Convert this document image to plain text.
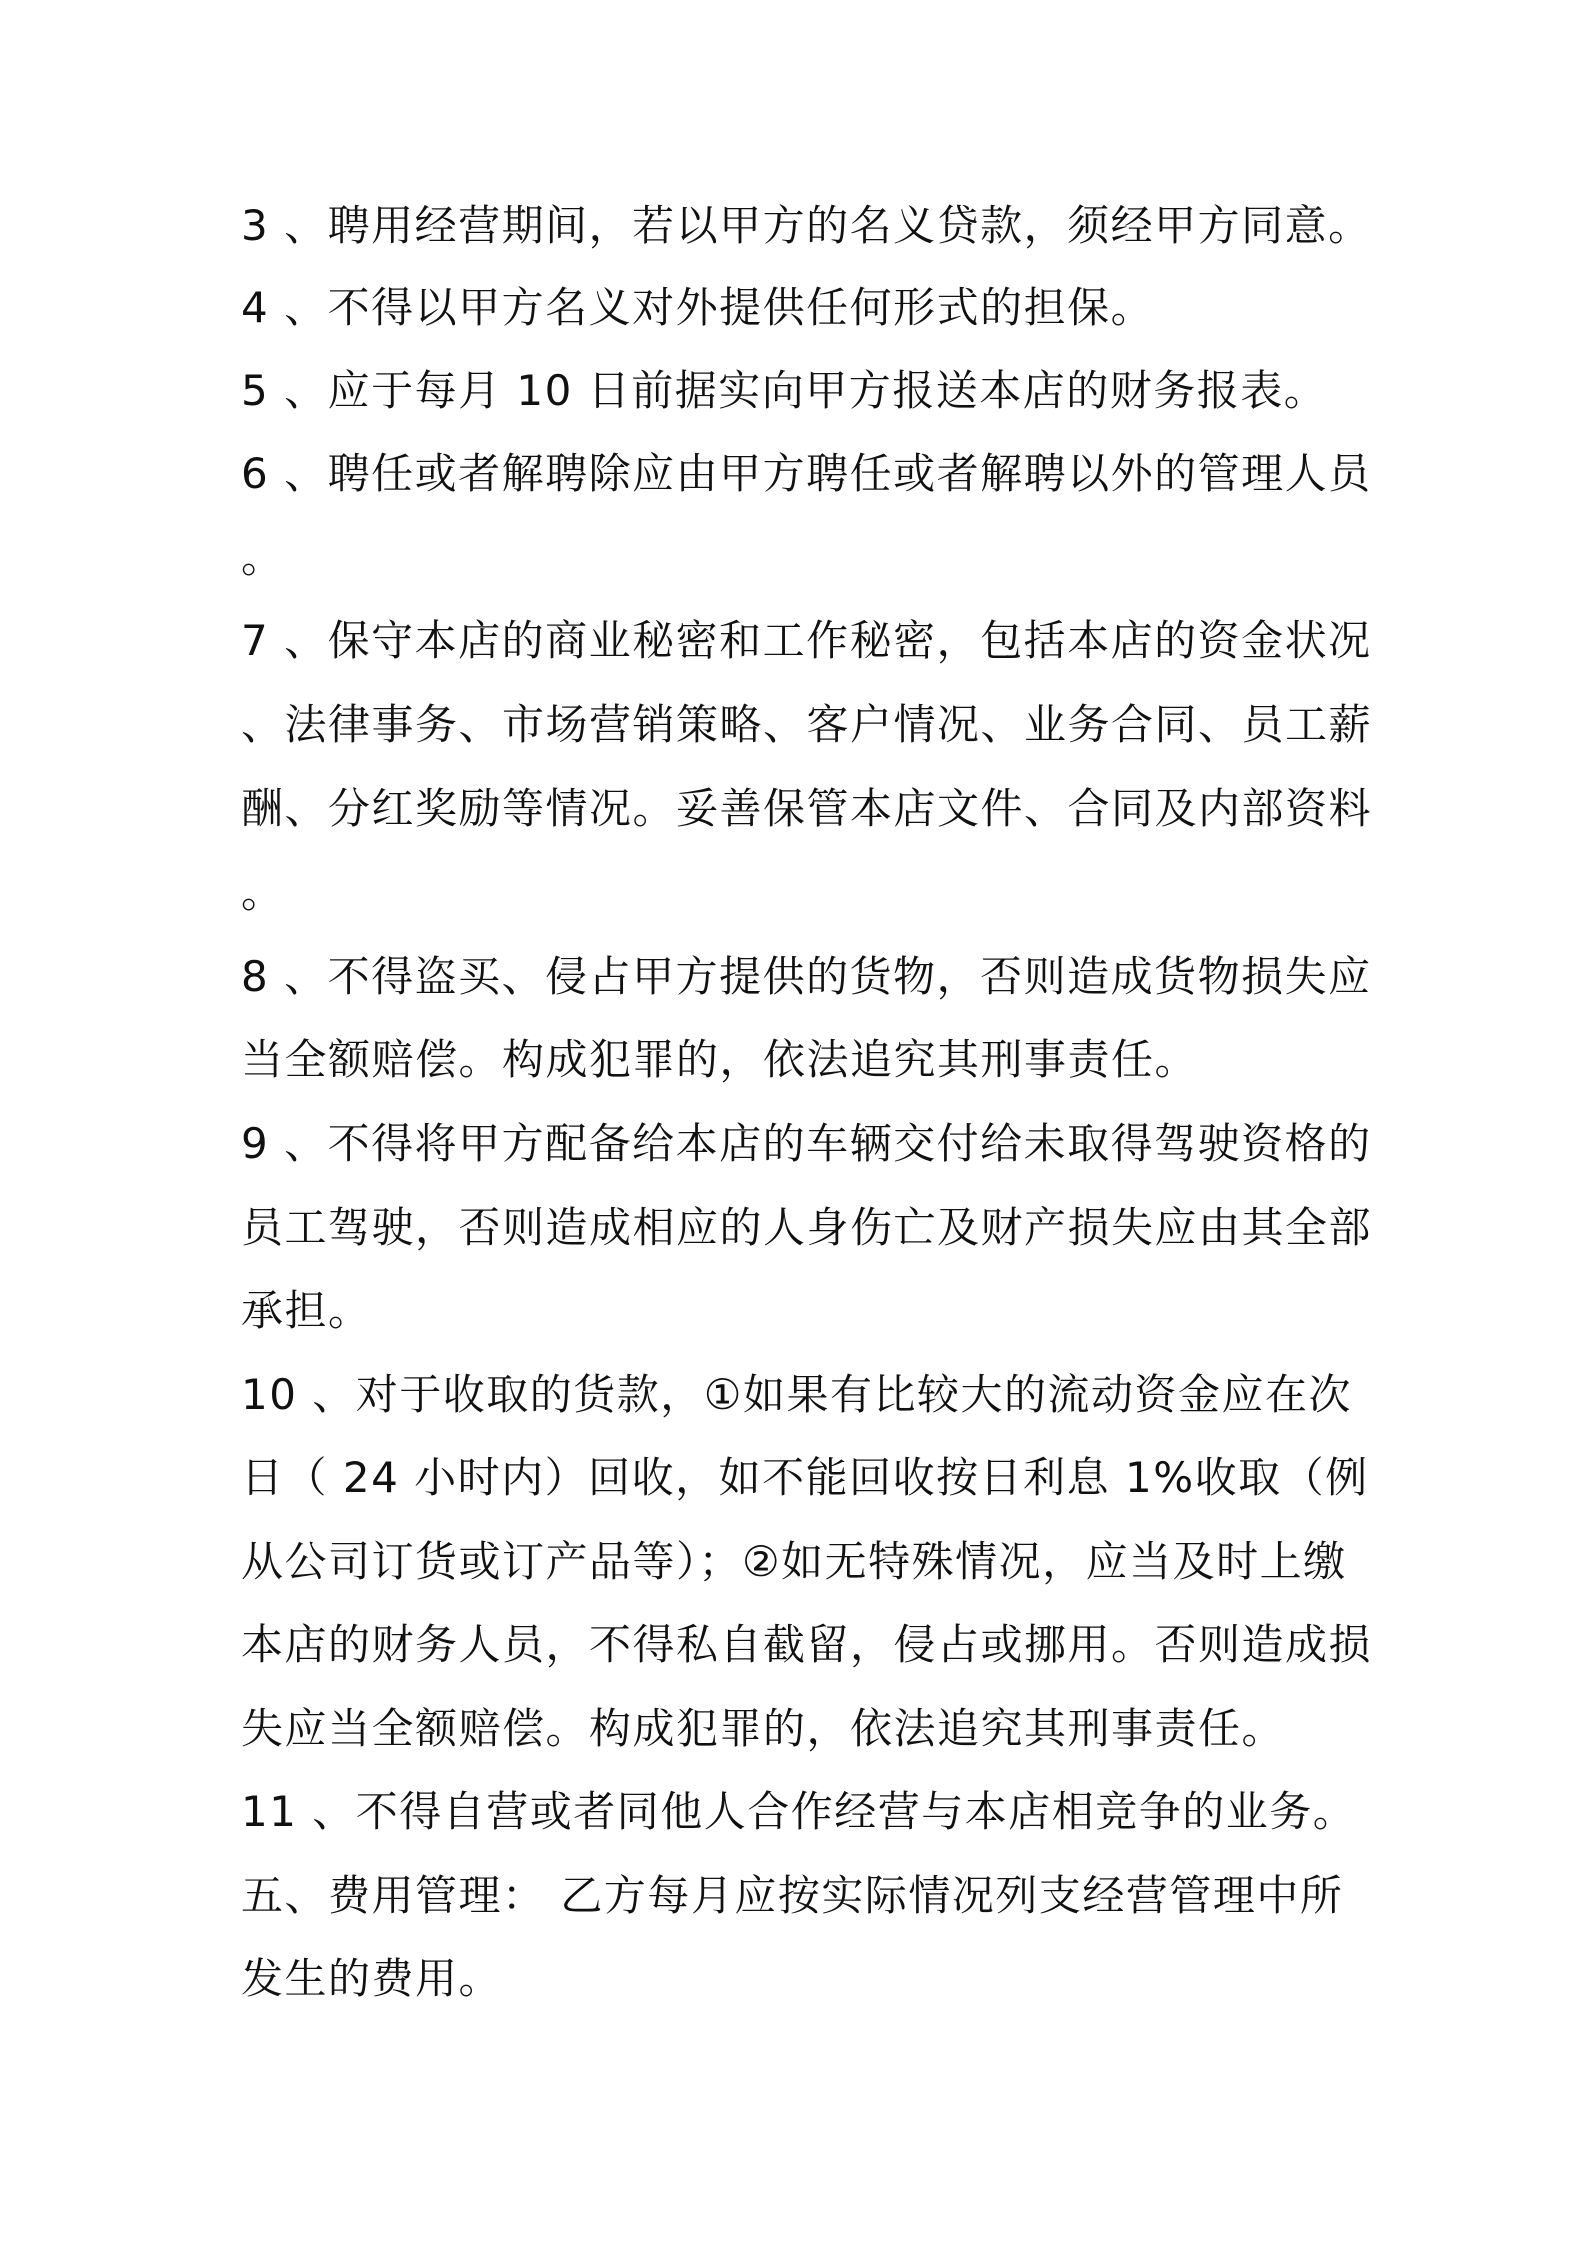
3 、聘用经营期间，若以甲方的名义贷款，须经甲方同意。
4 、不得以甲方名义对外提供任何形式的担保。
5 、应于每月 10 日前据实向甲方报送本店的财务报表。
6 、聘任或者解聘除应由甲方聘任或者解聘以外的管理人员
。
7 、保守本店的商业秘密和工作秘密，包括本店的资金状况
、法律事务、市场营销策略、客户情况、业务合同、员工薪
酬、分红奖励等情况。妥善保管本店文件、合同及内部资料
。
8 、不得盗买、侵占甲方提供的货物，否则造成货物损失应
当全额赔偿。构成犯罪的，依法追究其刑事责任。
9 、不得将甲方配备给本店的车辆交付给未取得驾驶资格的
员工驾驶，否则造成相应的人身伤亡及财产损失应由其全部
承担。
10 、对于收取的货款，①如果有比较大的流动资金应在次
日（ 24 小时内）回收，如不能回收按日利息 1%收取（例
从公司订货或订产品等）；②如无特殊情况，应当及时上缴
本店的财务人员，不得私自截留，侵占或挪用。否则造成损
失应当全额赔偿。构成犯罪的，依法追究其刑事责任。
11 、不得自营或者同他人合作经营与本店相竞争的业务。
五、费用管理： 乙方每月应按实际情况列支经营管理中所
发生的费用。
